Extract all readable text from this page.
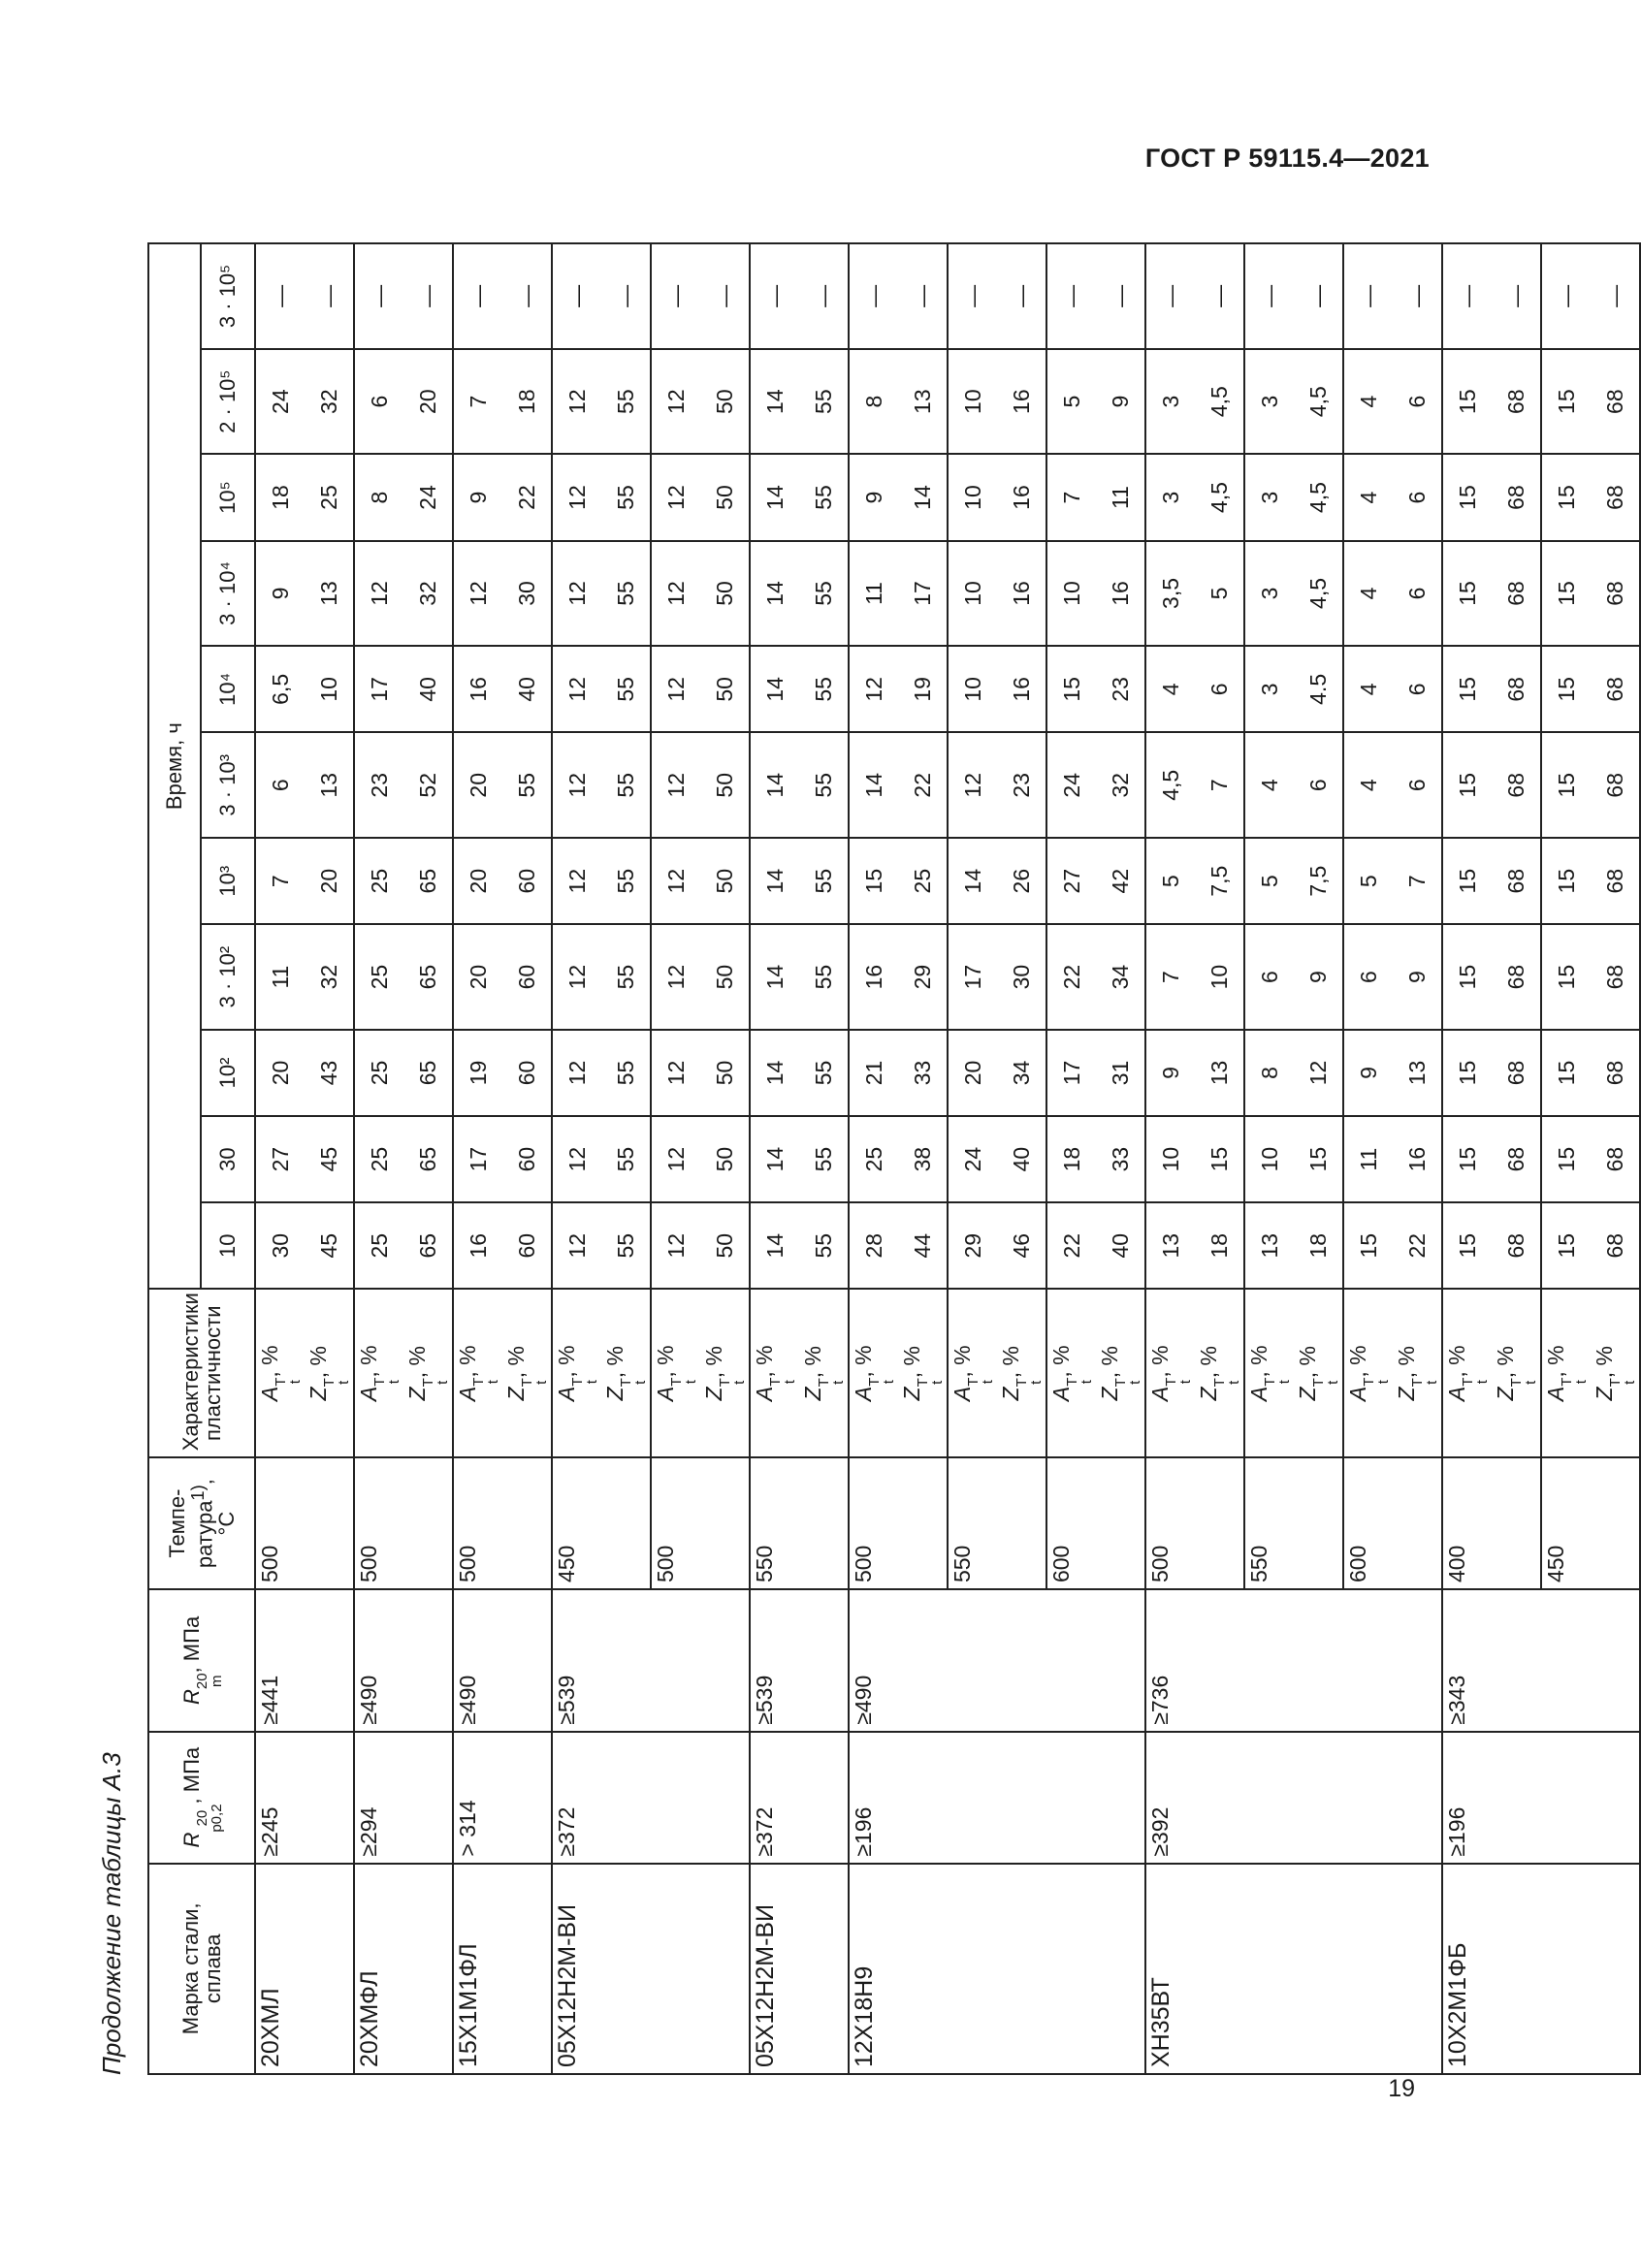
ГОСТ Р 59115.4—2021
19
Продолжение таблицы А.3 Марка стали, сплава	R
20
p0,2
, МПа	R
20
m
, МПа	Темпе- ратура$^{1)}$, °С	Характеристики
пластичности	Время, ч										
					10	30	10²	3 · 10²	10³	3 · 10³	10⁴	3 · 10⁴	10⁵	2 · 10⁵	3 · 10⁵
20ХМЛ	≥245	≥441	500	A
T
t
, %	30	27	20	11	7	6	6,5	9	18	24	—
				Z
T
t
, %	45	45	43	32	20	13	10	13	25	32	—
20ХМФЛ	≥294	≥490	500	A
T
t
, %	25	25	25	25	25	23	17	12	8	6	—
				Z
T
t
, %	65	65	65	65	65	52	40	32	24	20	—
15Х1М1ФЛ	> 314	≥490	500	A
T
t
, %	16	17	19	20	20	20	16	12	9	7	—
				Z
T
t
, %	60	60	60	60	60	55	40	30	22	18	—
05Х12Н2М-ВИ	≥372	≥539	450	A
T
t
, %	12	12	12	12	12	12	12	12	12	12	—
				Z
T
t
, %	55	55	55	55	55	55	55	55	55	55	—
			500	A
T
t
, %	12	12	12	12	12	12	12	12	12	12	—
				Z
T
t
, %	50	50	50	50	50	50	50	50	50	50	—
05Х12Н2М-ВИ	≥372	≥539	550	A
T
t
, %	14	14	14	14	14	14	14	14	14	14	—
				Z
T
t
, %	55	55	55	55	55	55	55	55	55	55	—
12Х18Н9	≥196	≥490	500	A
T
t
, %	28	25	21	16	15	14	12	11	9	8	—
				Z
T
t
, %	44	38	33	29	25	22	19	17	14	13	—
			550	A
T
t
, %	29	24	20	17	14	12	10	10	10	10	—
				Z
T
t
, %	46	40	34	30	26	23	16	16	16	16	—
			600	A
T
t
, %	22	18	17	22	27	24	15	10	7	5	—
				Z
T
t
, %	40	33	31	34	42	32	23	16	11	9	—
ХН35ВТ	≥392	≥736	500	A
T
t
, %	13	10	9	7	5	4,5	4	3,5	3	3	—
				Z
T
t
, %	18	15	13	10	7,5	7	6	5	4,5	4,5	—
			550	A
T
t
, %	13	10	8	6	5	4	3	3	3	3	—
				Z
T
t
, %	18	15	12	9	7,5	6	4.5	4,5	4,5	4,5	—
			600	A
T
t
, %	15	11	9	6	5	4	4	4	4	4	—
				Z
T
t
, %	22	16	13	9	7	6	6	6	6	6	—
10Х2М1ФБ	≥196	≥343	400	A
T
t
, %	15	15	15	15	15	15	15	15	15	15	—
				Z
T
t
, %	68	68	68	68	68	68	68	68	68	68	—
			450	A
T
t
, %	15	15	15	15	15	15	15	15	15	15	—
				Z
T
t
, %	68	68	68	68	68	68	68	68	68	68	—
